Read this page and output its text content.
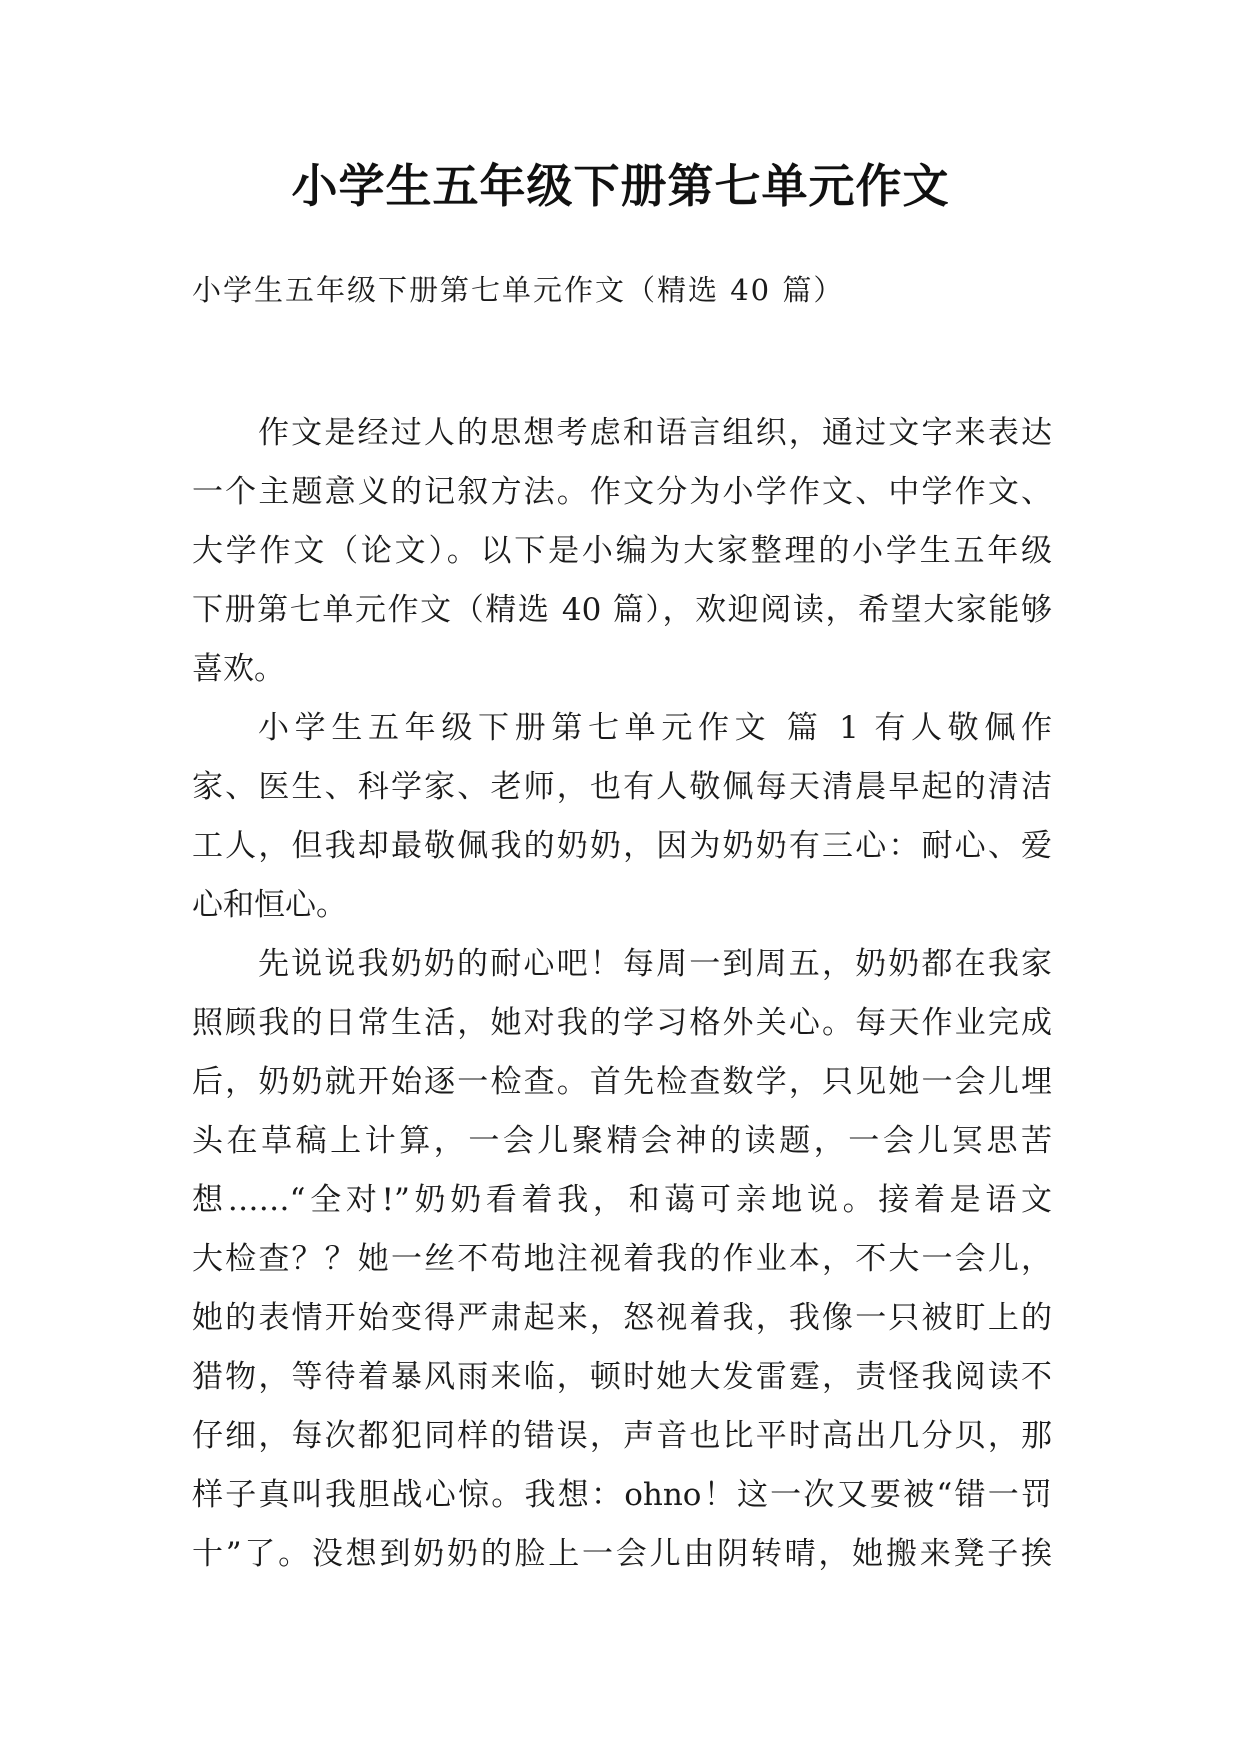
小学生五年级下册第七单元作文
小学生五年级下册第七单元作文（精选 40 篇）
作文是经过人的思想考虑和语言组织，通过文字来表达
一个主题意义的记叙方法。作文分为小学作文、中学作文、
大学作文（论文）。以下是小编为大家整理的小学生五年级
下册第七单元作文（精选 40 篇），欢迎阅读，希望大家能够
喜欢。
小学生五年级下册第七单元作文 篇 1 有人敬佩作
家、医生、科学家、老师，也有人敬佩每天清晨早起的清洁
工人，但我却最敬佩我的奶奶，因为奶奶有三心：耐心、爱
心和恒心。
先说说我奶奶的耐心吧！每周一到周五，奶奶都在我家
照顾我的日常生活，她对我的学习格外关心。每天作业完成
后，奶奶就开始逐一检查。首先检查数学，只见她一会儿埋
头在草稿上计算，一会儿聚精会神的读题，一会儿冥思苦
想……“全对!”奶奶看着我，和蔼可亲地说。接着是语文
大检查？？她一丝不苟地注视着我的作业本，不大一会儿，
她的表情开始变得严肃起来，怒视着我，我像一只被盯上的
猎物，等待着暴风雨来临，顿时她大发雷霆，责怪我阅读不
仔细，每次都犯同样的错误，声音也比平时高出几分贝，那
样子真叫我胆战心惊。我想：ohno！这一次又要被“错一罚
十”了。没想到奶奶的脸上一会儿由阴转晴，她搬来凳子挨
